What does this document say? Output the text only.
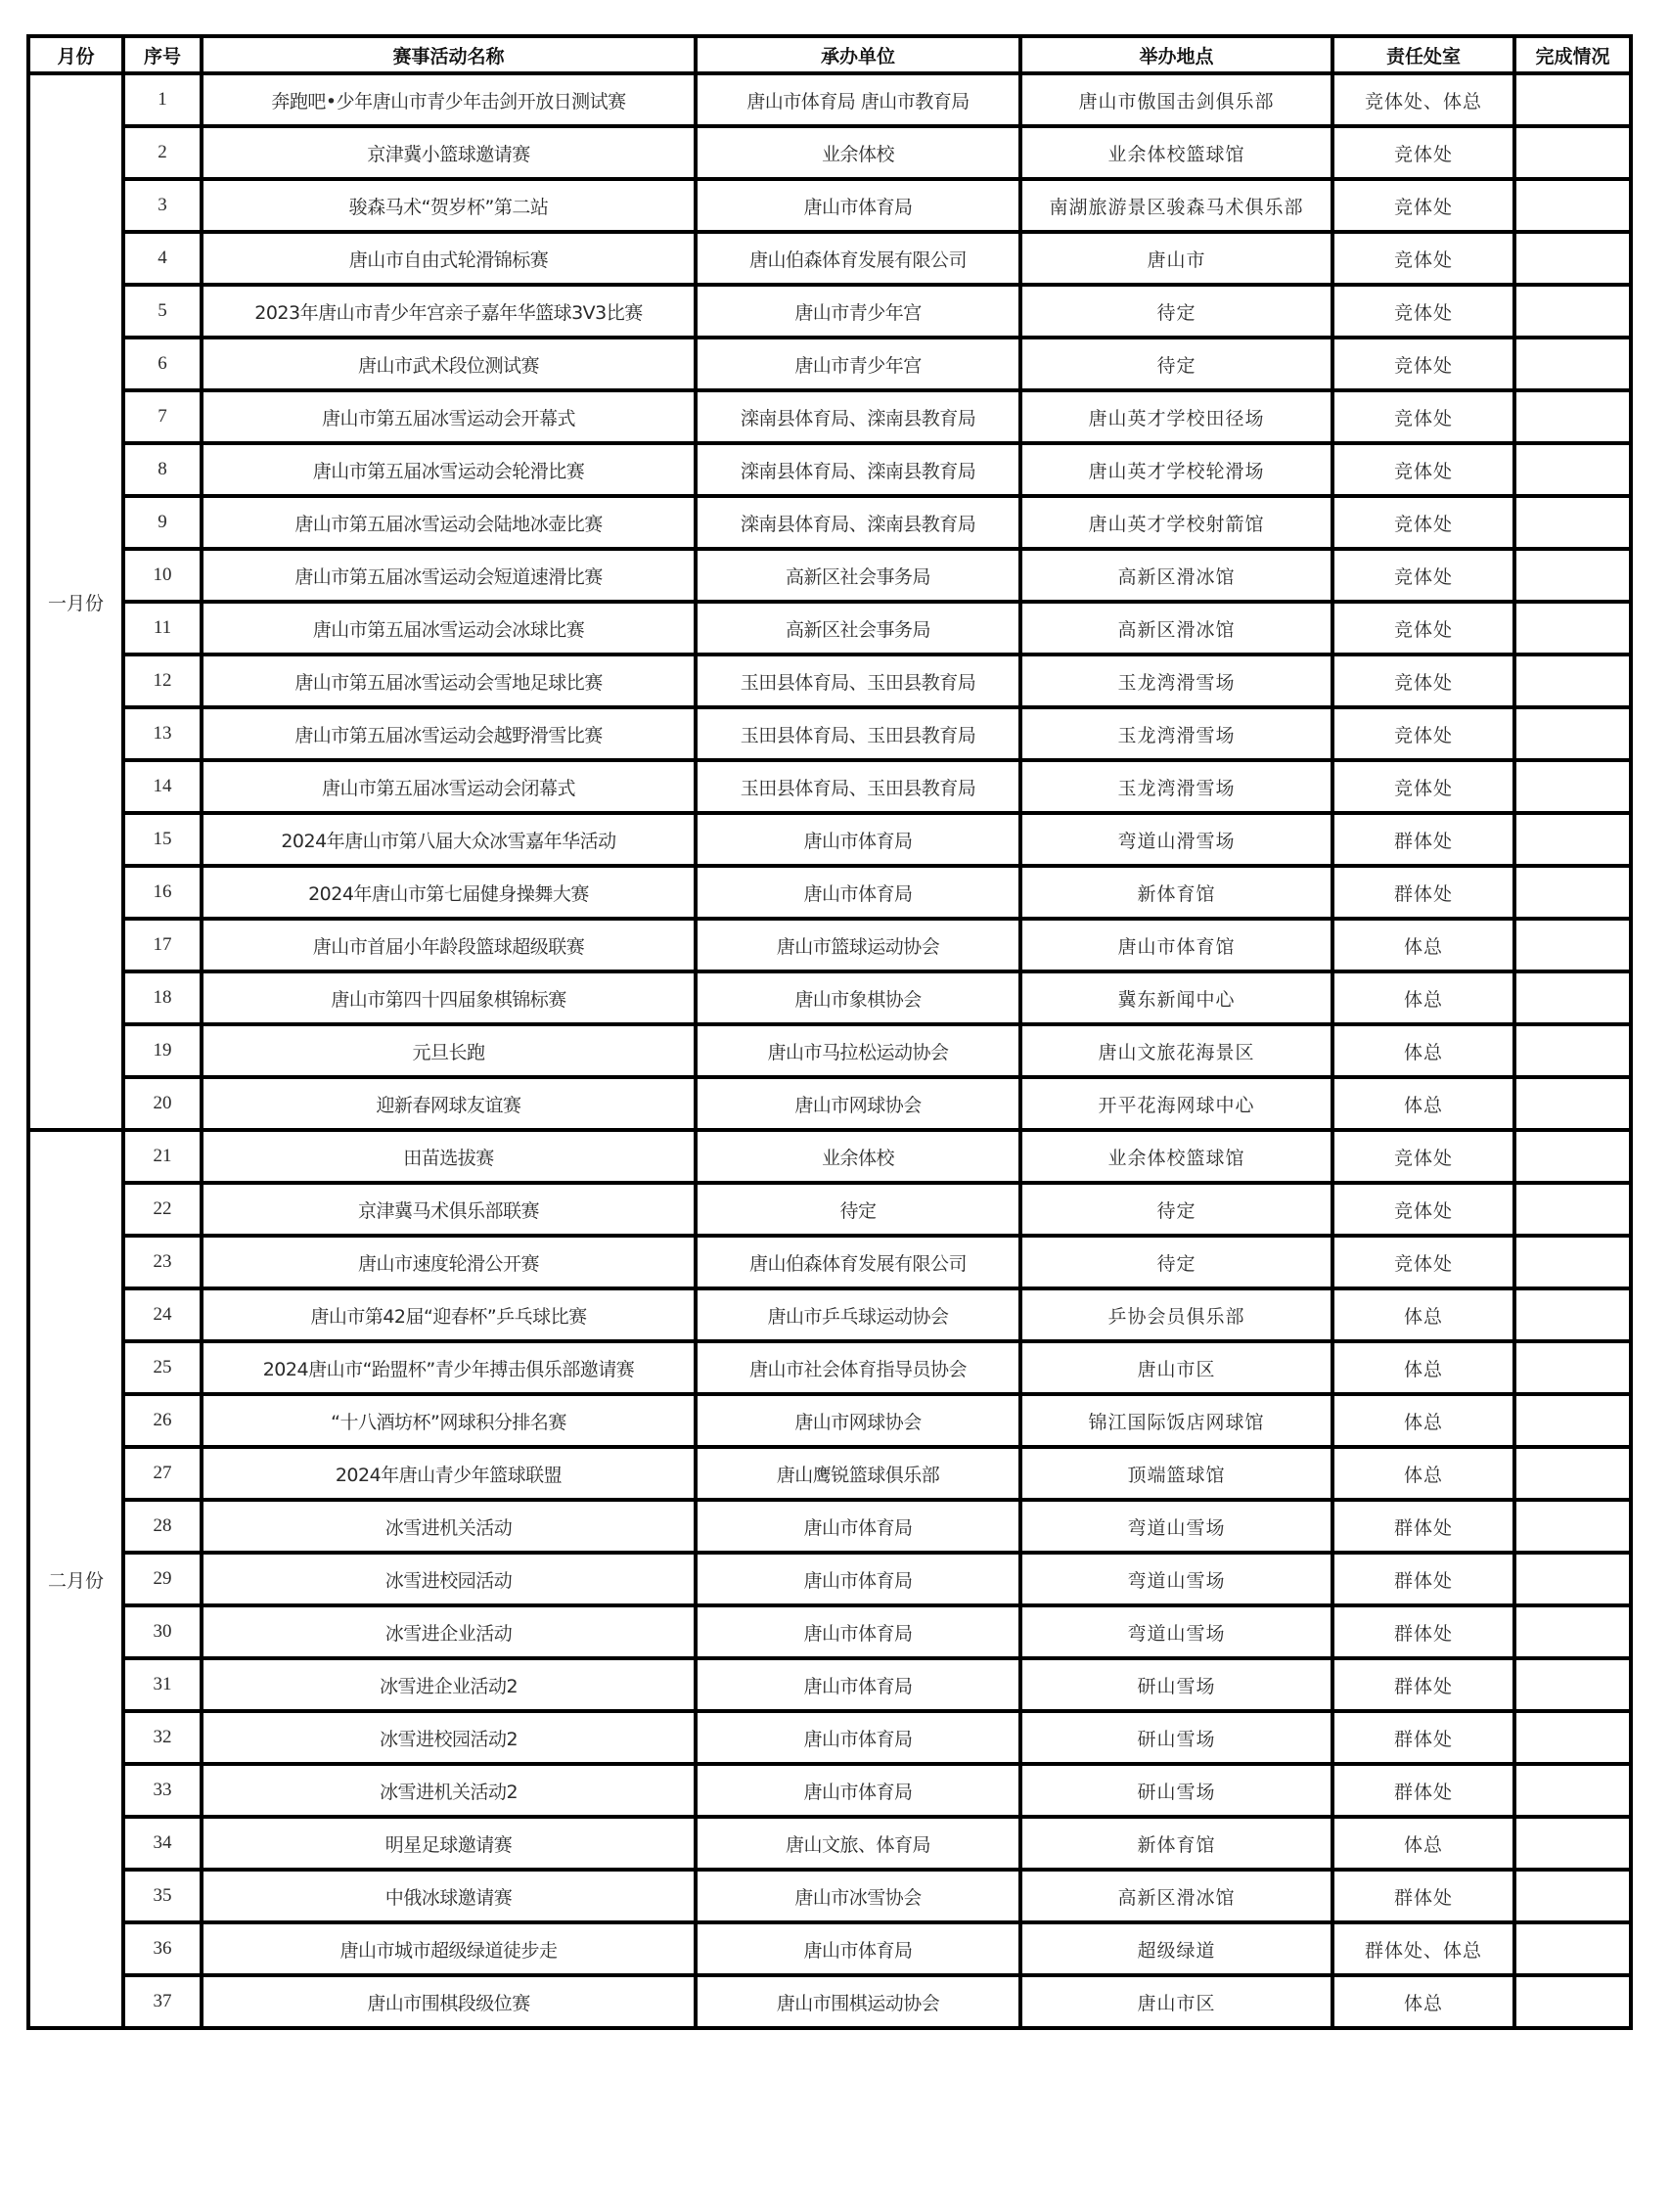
月份	序号	赛事活动名称	承办单位	举办地点	责任处室	完成情况
一月份	1	奔跑吧•少年唐山市青少年击剑开放日测试赛	唐山市体育局 唐山市教育局	唐山市傲国击剑俱乐部	竞体处、体总	
	2	京津冀小篮球邀请赛	业余体校	业余体校篮球馆	竞体处	
	3	骏森马术“贺岁杯”第二站	唐山市体育局	南湖旅游景区骏森马术俱乐部	竞体处	
	4	唐山市自由式轮滑锦标赛	唐山伯森体育发展有限公司	唐山市	竞体处	
	5	2023年唐山市青少年宫亲子嘉年华篮球3V3比赛	唐山市青少年宫	待定	竞体处	
	6	唐山市武术段位测试赛	唐山市青少年宫	待定	竞体处	
	7	唐山市第五届冰雪运动会开幕式	滦南县体育局、滦南县教育局	唐山英才学校田径场	竞体处	
	8	唐山市第五届冰雪运动会轮滑比赛	滦南县体育局、滦南县教育局	唐山英才学校轮滑场	竞体处	
	9	唐山市第五届冰雪运动会陆地冰壶比赛	滦南县体育局、滦南县教育局	唐山英才学校射箭馆	竞体处	
	10	唐山市第五届冰雪运动会短道速滑比赛	高新区社会事务局	高新区滑冰馆	竞体处	
	11	唐山市第五届冰雪运动会冰球比赛	高新区社会事务局	高新区滑冰馆	竞体处	
	12	唐山市第五届冰雪运动会雪地足球比赛	玉田县体育局、玉田县教育局	玉龙湾滑雪场	竞体处	
	13	唐山市第五届冰雪运动会越野滑雪比赛	玉田县体育局、玉田县教育局	玉龙湾滑雪场	竞体处	
	14	唐山市第五届冰雪运动会闭幕式	玉田县体育局、玉田县教育局	玉龙湾滑雪场	竞体处	
	15	2024年唐山市第八届大众冰雪嘉年华活动	唐山市体育局	弯道山滑雪场	群体处	
	16	2024年唐山市第七届健身操舞大赛	唐山市体育局	新体育馆	群体处	
	17	唐山市首届小年龄段篮球超级联赛	唐山市篮球运动协会	唐山市体育馆	体总	
	18	唐山市第四十四届象棋锦标赛	唐山市象棋协会	冀东新闻中心	体总	
	19	元旦长跑	唐山市马拉松运动协会	唐山文旅花海景区	体总	
	20	迎新春网球友谊赛	唐山市网球协会	开平花海网球中心	体总	
二月份	21	田苗选拔赛	业余体校	业余体校篮球馆	竞体处	
	22	京津冀马术俱乐部联赛	待定	待定	竞体处	
	23	唐山市速度轮滑公开赛	唐山伯森体育发展有限公司	待定	竞体处	
	24	唐山市第42届“迎春杯”乒乓球比赛	唐山市乒乓球运动协会	乒协会员俱乐部	体总	
	25	2024唐山市“跆盟杯”青少年搏击俱乐部邀请赛	唐山市社会体育指导员协会	唐山市区	体总	
	26	“十八酒坊杯”网球积分排名赛	唐山市网球协会	锦江国际饭店网球馆	体总	
	27	2024年唐山青少年篮球联盟	唐山鹰锐篮球俱乐部	顶端篮球馆	体总	
	28	冰雪进机关活动	唐山市体育局	弯道山雪场	群体处	
	29	冰雪进校园活动	唐山市体育局	弯道山雪场	群体处	
	30	冰雪进企业活动	唐山市体育局	弯道山雪场	群体处	
	31	冰雪进企业活动2	唐山市体育局	研山雪场	群体处	
	32	冰雪进校园活动2	唐山市体育局	研山雪场	群体处	
	33	冰雪进机关活动2	唐山市体育局	研山雪场	群体处	
	34	明星足球邀请赛	唐山文旅、体育局	新体育馆	体总	
	35	中俄冰球邀请赛	唐山市冰雪协会	高新区滑冰馆	群体处	
	36	唐山市城市超级绿道徒步走	唐山市体育局	超级绿道	群体处、体总	
	37	唐山市围棋段级位赛	唐山市围棋运动协会	唐山市区	体总	
